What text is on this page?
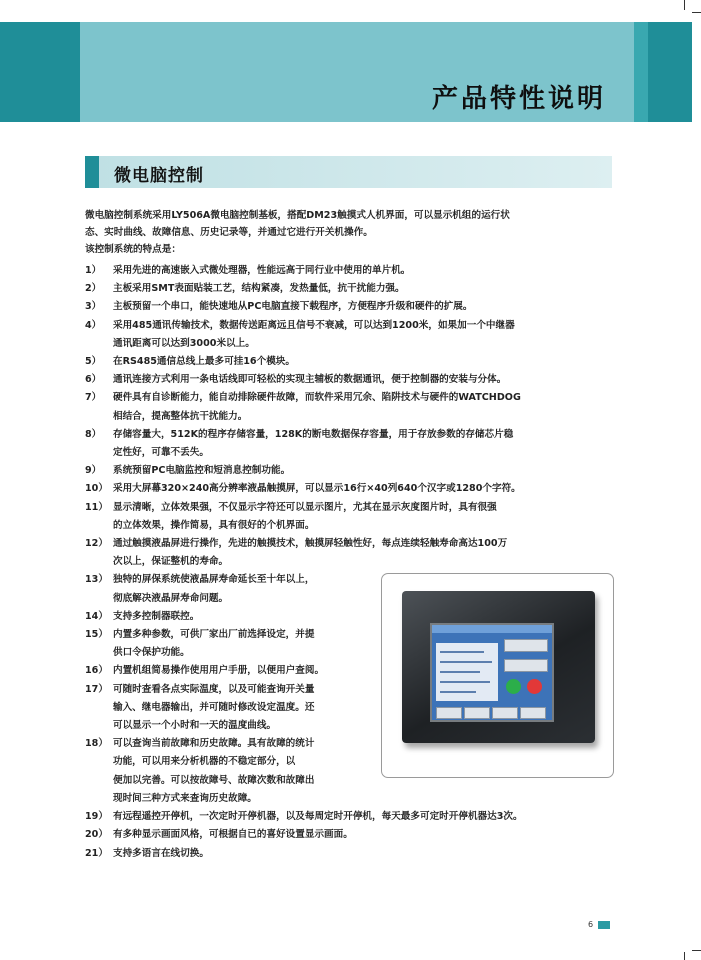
产品特性说明
微电脑控制

微电脑控制系统采用LY506A微电脑控制基板，搭配DM23触摸式人机界面，可以显示机组的运行状

态、实时曲线、故障信息、历史记录等，并通过它进行开关机操作。

该控制系统的特点是：

1） 采用先进的高速嵌入式微处理器，性能远高于同行业中使用的单片机。
2） 主板采用SMT表面贴装工艺，结构紧凑，发热量低，抗干扰能力强。
3） 主板预留一个串口，能快速地从PC电脑直接下载程序，方便程序升级和硬件的扩展。
4） 采用485通讯传输技术，数据传送距离远且信号不衰减，可以达到1200米，如果加一个中继器
通讯距离可以达到3000米以上。
5） 在RS485通信总线上最多可挂16个模块。
6） 通讯连接方式利用一条电话线即可轻松的实现主辅板的数据通讯，便于控制器的安装与分体。
7） 硬件具有自诊断能力，能自动排除硬件故障，而软件采用冗余、陷阱技术与硬件的WATCHDOG
相结合，提高整体抗干扰能力。
8） 存储容量大，512K的程序存储容量，128K的断电数据保存容量，用于存放参数的存储芯片稳
定性好，可靠不丢失。
9） 系统预留PC电脑监控和短消息控制功能。
10） 采用大屏幕320×240高分辨率液晶触摸屏，可以显示16行×40列640个汉字或1280个字符。
11） 显示清晰，立体效果强，不仅显示字符还可以显示图片，尤其在显示灰度图片时，具有很强
的立体效果，操作简易，具有很好的个机界面。
12） 通过触摸液晶屏进行操作，先进的触摸技术，触摸屏轻触性好，每点连续轻触寿命高达100万
次以上，保证整机的寿命。
13） 独特的屏保系统使液晶屏寿命延长至十年以上，
彻底解决液晶屏寿命问题。
14） 支持多控制器联控。
15） 内置多种参数，可供厂家出厂前选择设定，并提
供口令保护功能。
16） 内置机组简易操作使用用户手册，以便用户查阅。
17） 可随时查看各点实际温度，以及可能查询开关量
输入、继电器输出，并可随时修改设定温度。还
可以显示一个小时和一天的温度曲线。
18） 可以查询当前故障和历史故障。具有故障的统计
功能，可以用来分析机器的不稳定部分，以
便加以完善。可以按故障号、故障次数和故障出
现时间三种方式来查询历史故障。
19） 有远程遥控开停机，一次定时开停机器，以及每周定时开停机，每天最多可定时开停机器达3次。
20） 有多种显示画面风格，可根据自已的喜好设置显示画面。
21） 支持多语言在线切换。
6
